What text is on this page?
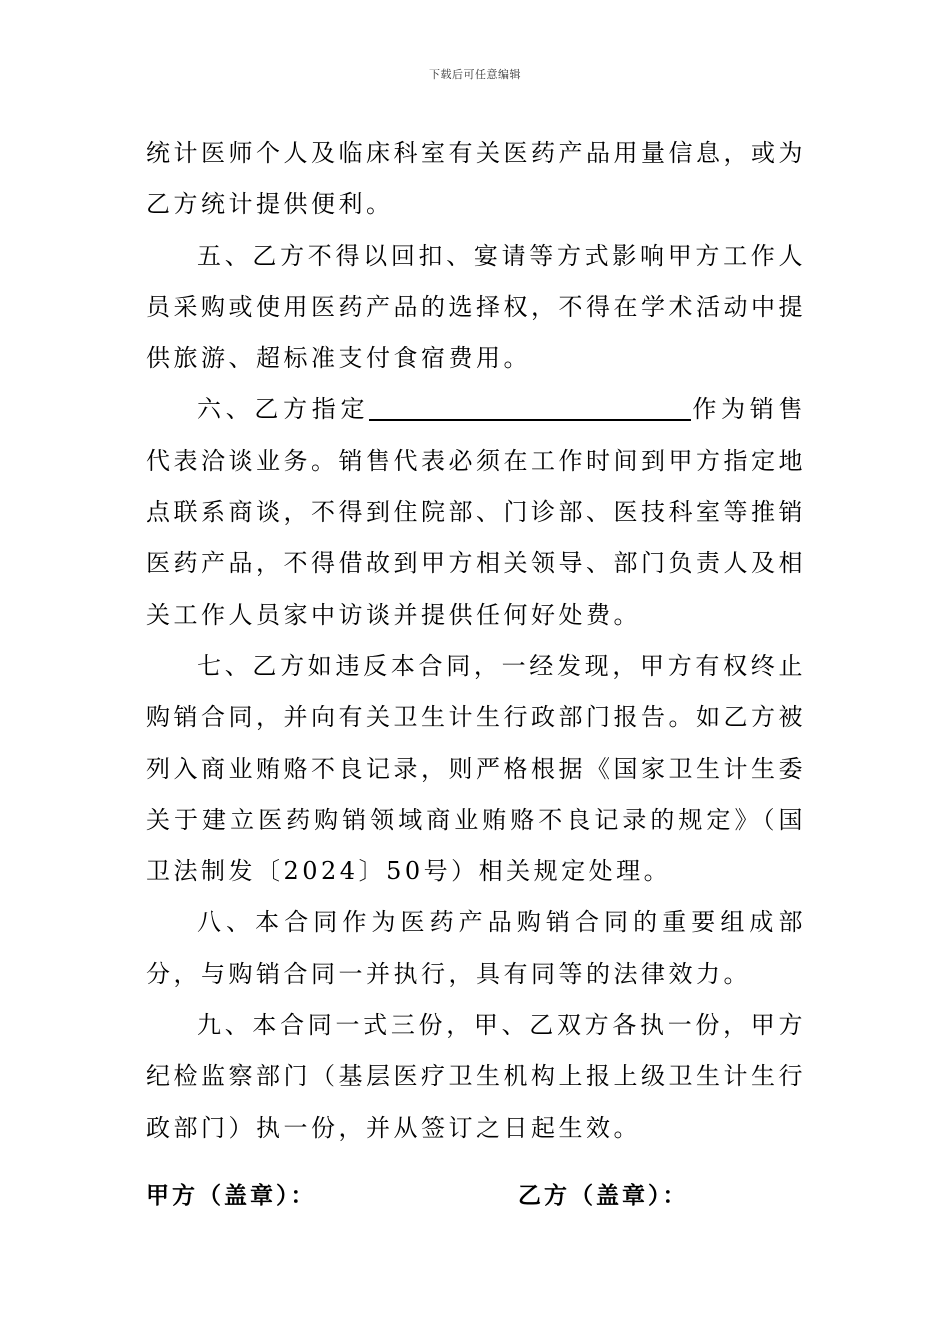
下载后可任意编辑

统计医师个人及临床科室有关医药产品用量信息，或为乙方统计提供便利。

五、乙方不得以回扣、宴请等方式影响甲方工作人员采购或使用医药产品的选择权，不得在学术活动中提供旅游、超标准支付食宿费用。

六、乙方指定	作为销售代表洽谈业务。销售代表必须在工作时间到甲方指定地点联系商谈，不得到住院部、门诊部、医技科室等推销医药产品，不得借故到甲方相关领导、部门负责人及相关工作人员家中访谈并提供任何好处费。

七、乙方如违反本合同，一经发现，甲方有权终止购销合同，并向有关卫生计生行政部门报告。如乙方被列入商业贿赂不良记录，则严格根据《国家卫生计生委关于建立医药购销领域商业贿赂不良记录的规定》（国卫法制发〔2024〕50号）相关规定处理。

八、本合同作为医药产品购销合同的重要组成部分，与购销合同一并执行，具有同等的法律效力。

九、本合同一式三份，甲、乙双方各执一份，甲方纪检监察部门（基层医疗卫生机构上报上级卫生计生行政部门）执一份，并从签订之日起生效。

甲方（盖章）：	乙方（盖章）：
